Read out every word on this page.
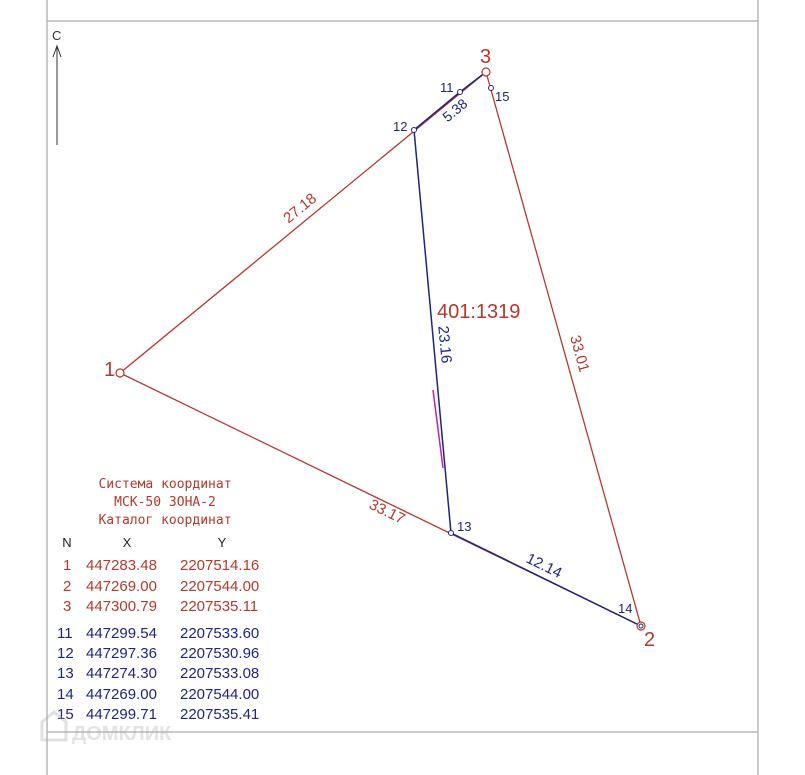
С
1
2
3
11
12
13
14
15
27.18
33.01
33.17
23.16
12.14
5.38
401:1319
Система координат
МСК-50 ЗОНА-2
Каталог координат
N	X	Y
1 447283.48 2207514.16
2 447269.00 2207544.00
3 447300.79 2207535.11
11 447299.54 2207533.60
12 447297.36 2207530.96
13 447274.30 2207533.08
14 447269.00 2207544.00
15 447299.71 2207535.41
ДОМКЛИК
